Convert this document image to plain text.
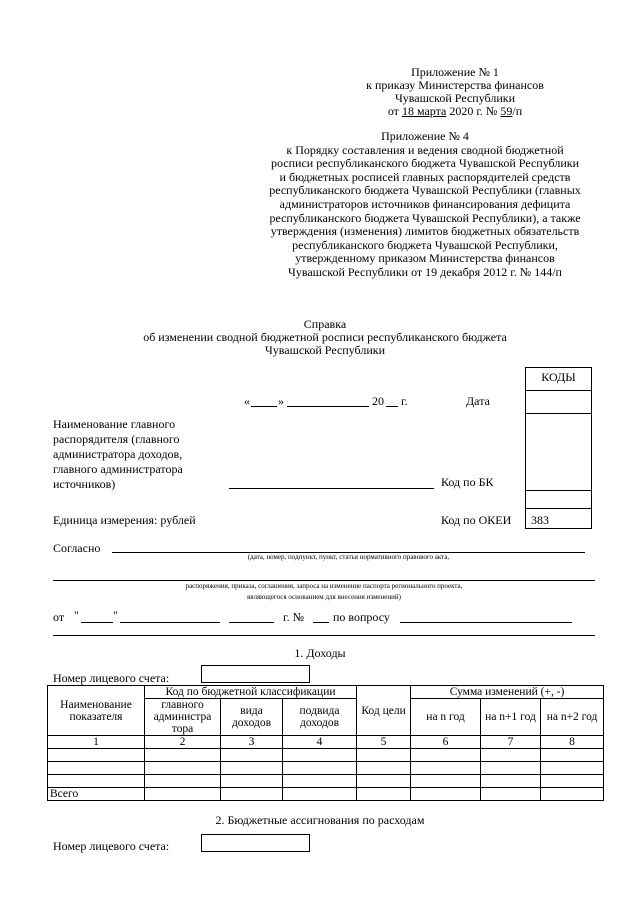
Приложение № 1
к приказу Министерства финансов
Чувашской Республики
от 18 марта 2020 г. № 59/п
Приложение № 4
к Порядку составления и ведения сводной бюджетной
росписи республиканского бюджета Чувашской Республики
и бюджетных росписей главных распорядителей средств
республиканского бюджета Чувашской Республики (главных
администраторов источников финансирования дефицита
республиканского бюджета Чувашской Республики), а также
утверждения (изменения) лимитов бюджетных обязательств
республиканского бюджета Чувашской Республики,
утвержденному приказом Министерства финансов
Чувашской Республики от 19 декабря 2012 г. № 144/п
Справка
об изменении сводной бюджетной росписи республиканского бюджета
Чувашской Республики
КОДЫ
« »	20 г.	Дата
Наименование главного
распорядителя (главного
администратора доходов,
главного администратора
источников)	Код по БК
Единица измерения: рублей	Код по ОКЕИ 383
Согласно
(дата, номер, подпункт, пункт, статья нормативного правового акта,
распоряжения, приказа, соглашения, запроса на изменение паспорта регионального проекта,
являющегося основанием для внесения изменений)
от "	"	г. № по вопросу
1. Доходы
Номер лицевого счета:
Наименование показателя	Код по бюджетной классификации			Код цели	Сумма изменений (+, -)		
	главного администра тора	вида доходов	подвида доходов		на n год	на n+1 год	на n+2 год
1	2	3	4	5	6	7	8

Всего							
2. Бюджетные ассигнования по расходам
Номер лицевого счета:
